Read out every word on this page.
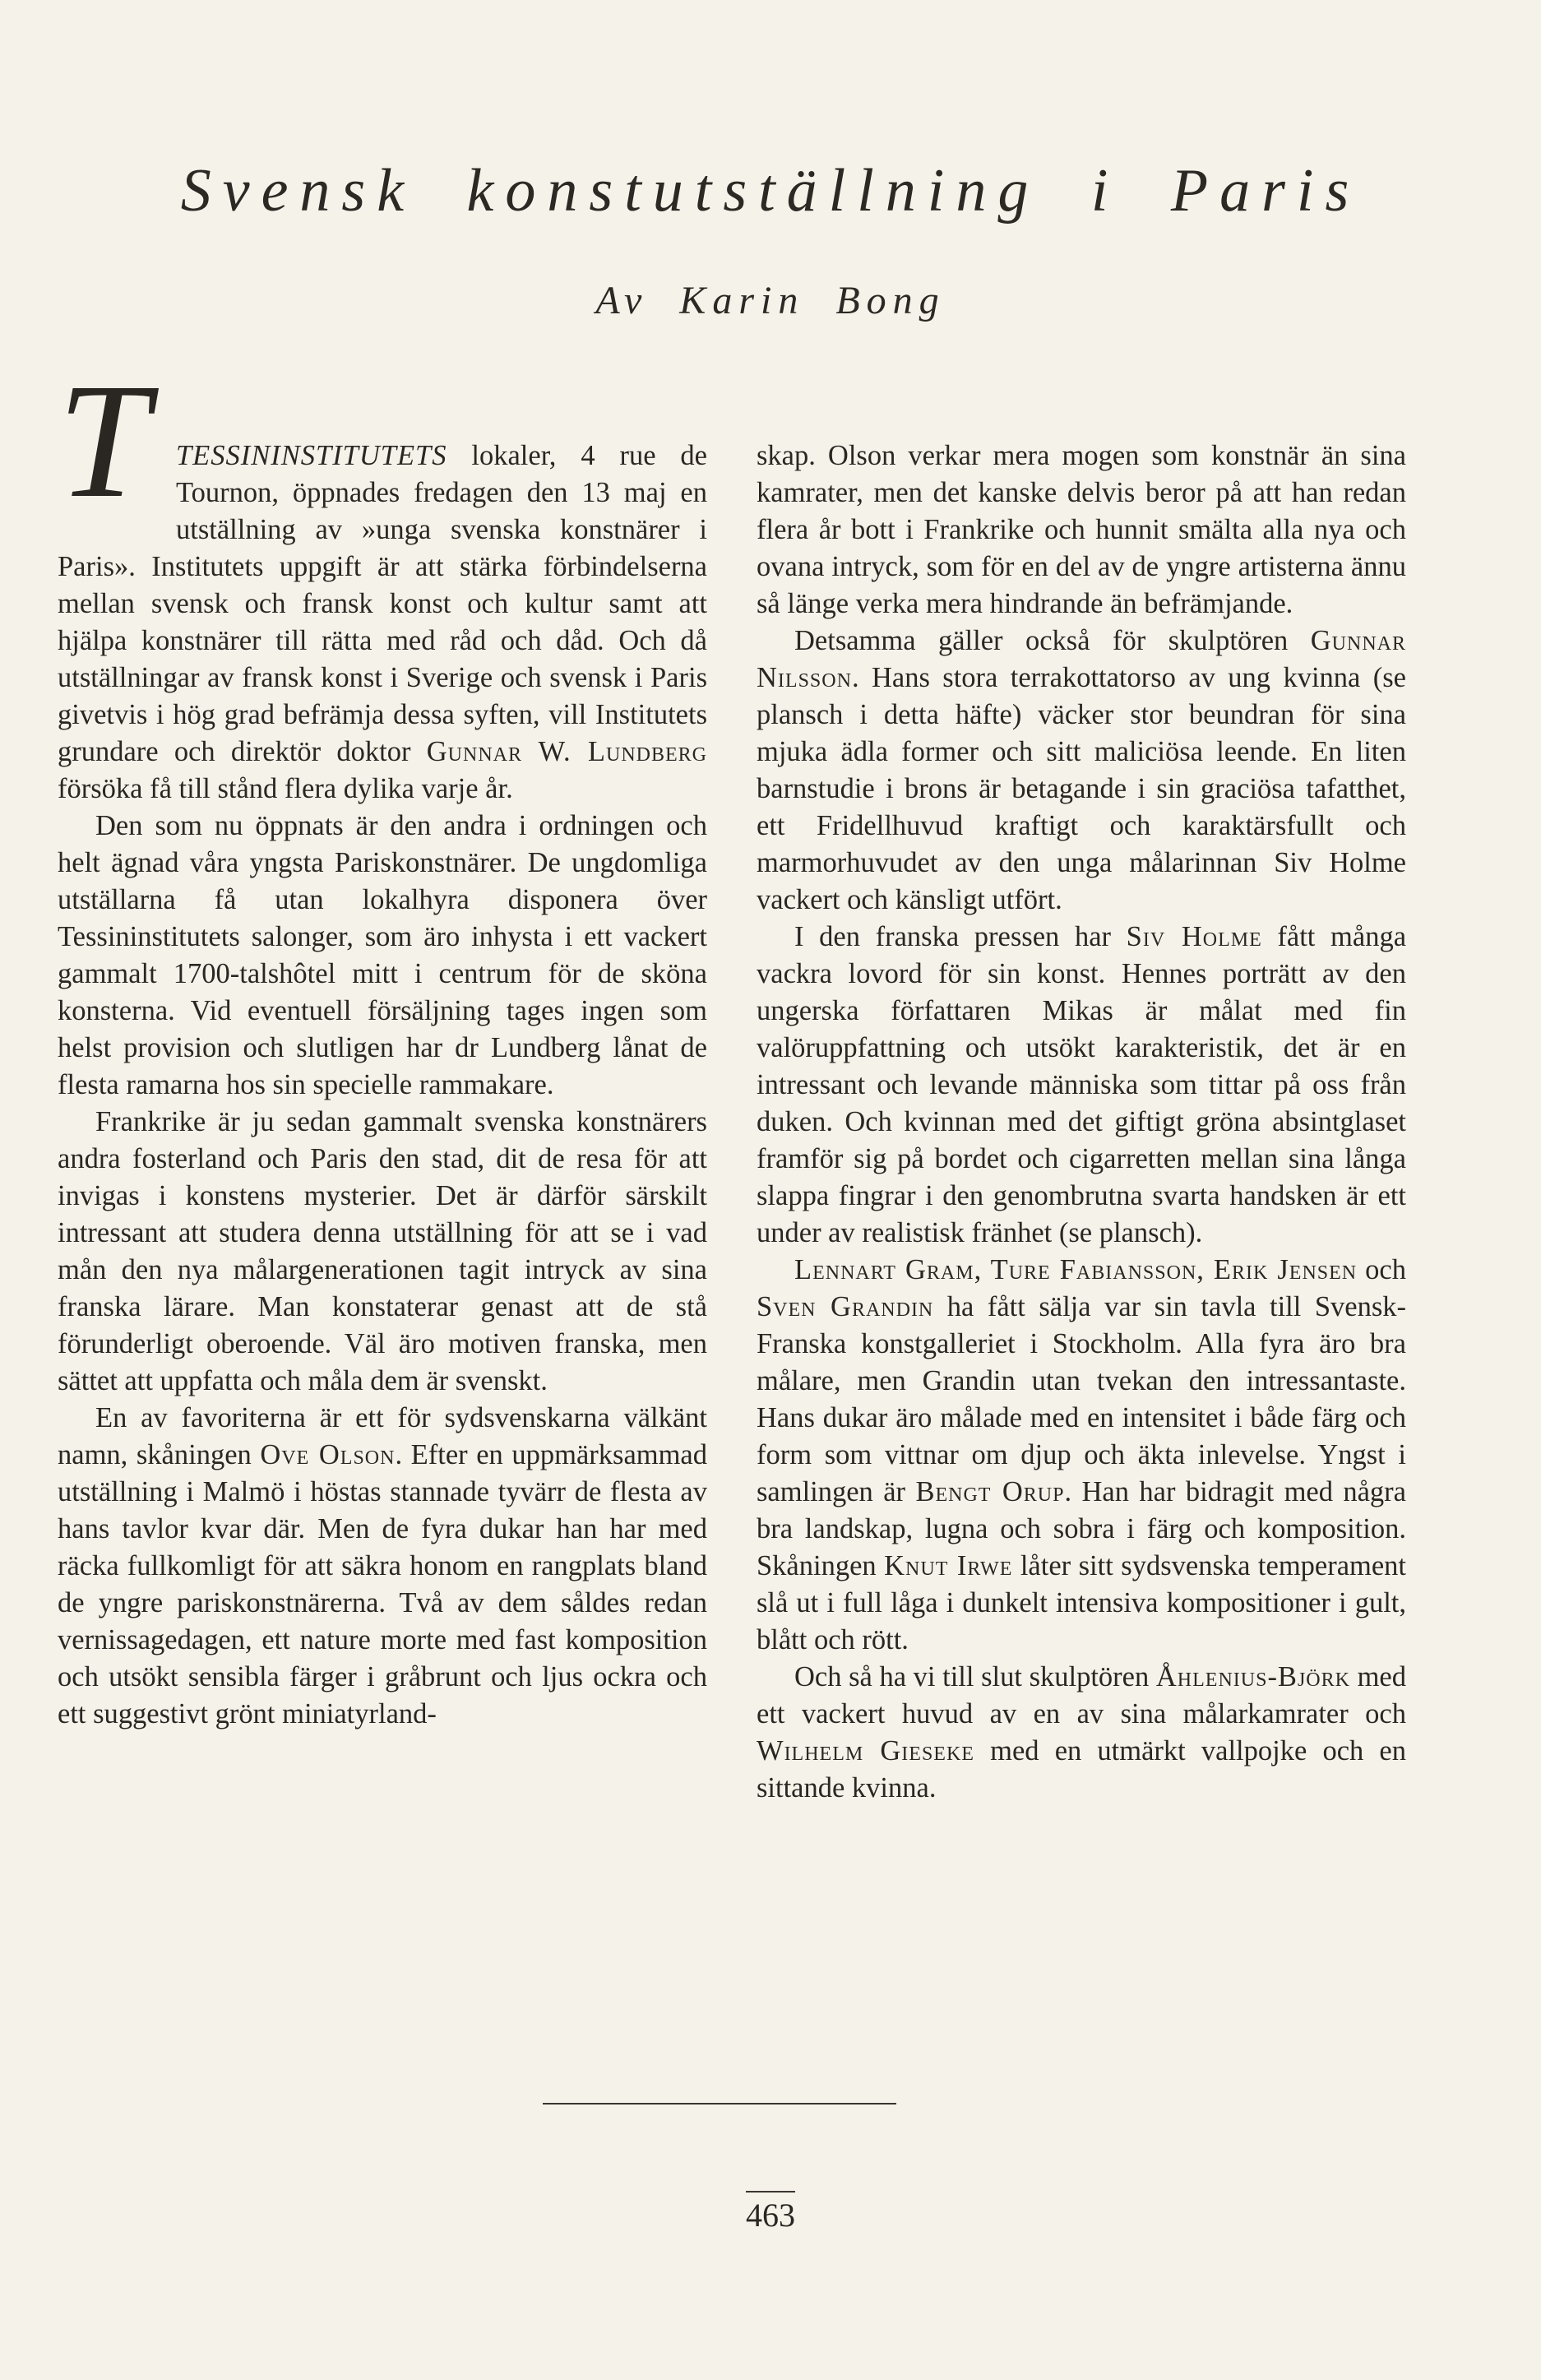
Svensk konstutställning i Paris
Av Karin Bong

TTESSININSTITUTETS lokaler, 4 rue de Tournon, öppnades fredagen den 13 maj en utställning av »unga svenska konstnärer i Paris». Institutets uppgift är att stärka förbindelserna mellan svensk och fransk konst och kultur samt att hjälpa konstnärer till rätta med råd och dåd. Och då utställningar av fransk konst i Sverige och svensk i Paris givetvis i hög grad befrämja dessa syften, vill Institutets grundare och direktör doktor Gunnar W. Lundberg försöka få till stånd flera dylika varje år.

Den som nu öppnats är den andra i ordningen och helt ägnad våra yngsta Pariskonstnärer. De ungdomliga utställarna få utan lokalhyra disponera över Tessininstitutets salonger, som äro inhysta i ett vackert gammalt 1700-talshôtel mitt i centrum för de sköna konsterna. Vid eventuell försäljning tages ingen som helst provision och slutligen har dr Lundberg lånat de flesta ramarna hos sin specielle rammakare.

Frankrike är ju sedan gammalt svenska konstnärers andra fosterland och Paris den stad, dit de resa för att invigas i konstens mysterier. Det är därför särskilt intressant att studera denna utställning för att se i vad mån den nya målargenerationen tagit intryck av sina franska lärare. Man konstaterar genast att de stå förunderligt oberoende. Väl äro motiven franska, men sättet att uppfatta och måla dem är svenskt.

En av favoriterna är ett för sydsvenskarna välkänt namn, skåningen Ove Olson. Efter en uppmärksammad utställning i Malmö i höstas stannade tyvärr de flesta av hans tavlor kvar där. Men de fyra dukar han har med räcka fullkomligt för att säkra honom en rangplats bland de yngre pariskonstnärerna. Två av dem såldes redan vernissagedagen, ett nature morte med fast komposition och utsökt sensibla färger i gråbrunt och ljus ockra och ett suggestivt grönt miniatyrland-

skap. Olson verkar mera mogen som konstnär än sina kamrater, men det kanske delvis beror på att han redan flera år bott i Frankrike och hunnit smälta alla nya och ovana intryck, som för en del av de yngre artisterna ännu så länge verka mera hindrande än befrämjande.

Detsamma gäller också för skulptören Gunnar Nilsson. Hans stora terrakottatorso av ung kvinna (se plansch i detta häfte) väcker stor beundran för sina mjuka ädla former och sitt maliciösa leende. En liten barnstudie i brons är betagande i sin graciösa tafatthet, ett Fridellhuvud kraftigt och karaktärsfullt och marmorhuvudet av den unga målarinnan Siv Holme vackert och känsligt utfört.

I den franska pressen har Siv Holme fått många vackra lovord för sin konst. Hennes porträtt av den ungerska författaren Mikas är målat med fin valöruppfattning och utsökt karakteristik, det är en intressant och levande människa som tittar på oss från duken. Och kvinnan med det giftigt gröna absintglaset framför sig på bordet och cigarretten mellan sina långa slappa fingrar i den genombrutna svarta handsken är ett under av realistisk fränhet (se plansch).

Lennart Gram, Ture Fabiansson, Erik Jensen och Sven Grandin ha fått sälja var sin tavla till Svensk-Franska konstgalleriet i Stockholm. Alla fyra äro bra målare, men Grandin utan tvekan den intressantaste. Hans dukar äro målade med en intensitet i både färg och form som vittnar om djup och äkta inlevelse. Yngst i samlingen är Bengt Orup. Han har bidragit med några bra landskap, lugna och sobra i färg och komposition. Skåningen Knut Irwe låter sitt sydsvenska temperament slå ut i full låga i dunkelt intensiva kompositioner i gult, blått och rött.

Och så ha vi till slut skulptören Åhlenius-Björk med ett vackert huvud av en av sina målarkamrater och Wilhelm Gieseke med en utmärkt vallpojke och en sittande kvinna.

463
